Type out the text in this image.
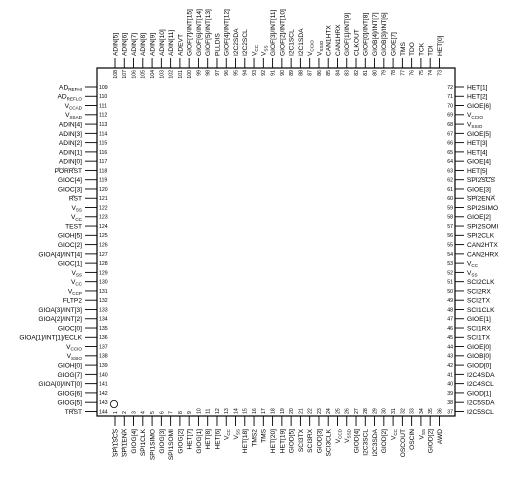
$AD_{REFHI}$	109
$AD_{REFLO}$	110
$V_{CCAD}$	111
$V_{SSAD}$	112
ADIN[4]	113
ADIN[3]	114
ADIN[2]	115
ADIN[1]	116
ADIN[0]	117
PORRST	118
GIOC[4]	119
GIOC[3]	120
RST	121
$V_{SS}$	122
$V_{CC}$	123
TEST	124
GIOH[5]	125
GIOC[2]	126
GIOA[4]/INT[4]	127
GIOC[1]	128
$V_{SS}$	129
$V_{CC}$	130
$V_{CCP}$	131
FLTP2	132
GIOA[3]/INT[3]	133
GIOA[2]/INT[2]	134
GIOC[0]	135
GIOA[1]/INT[1]/ECLK	136
$V_{CCIO}$	137
$V_{SSIO}$	138
GIOH[0]	139
GIOG[7]	140
GIOA[0]/INT[0]	141
GIOG[6]	142
GIOG[5]	143
TRST	144
HET[1]
72
HET[2]
71
GIOE[6]
70
$V_{CCIO}$
69
$V_{SSIO}$
68
GIOE[5]
67
HET[3]
66
HET[4]
65
GIOE[4]
64
HET[5]
63
SPI2SCS
62
GIOE[3]
61
SPI2ENA
60
SPI2SIMO
59
GIOE[2]
58
SPI2SOMI
57
SPI2CLK
56
CAN2HTX
55
CAN2HRX
54
$V_{CC}$
53
$V_{SS}$
52
SCI2CLK
51
SCI2RX
50
SCI2TX
49
SCI1CLK
48
GIOE[1]
47
SCI1RX
46
SCI1TX
45
GIOE[0]
44
GIOB[0]
43
GIOD[0]
42
I2C4SDA
41
I2C4SCL
40
GIOD[1]
39
I2C5SDA
38
I2C5SCL
37
ADIN[5]
108
ADIN[6]
107
ADIN[7]
106
ADIN[8]
105
ADIN[9]
104
ADIN[10]
103
ADIN[11]
102
ADEVT
101
GIOF[7]/INT[15]
100
GIOF[6]/INT[14]
99
GIOF[5]/INT[13]
98
PLLDIS
97
GIOF[4]/INT[12]
96
I2C2SDA
95
I2C2SCL
94
$V_{CC}$
93
$V_{SS}$
92
GIOF[3]/INT[11]
91
GIOF[2]/INT[10]
90
I2C1SCL
89
I2C1SDA
88
$V_{CCIO}$
87
$V_{SSIO}$
86
CAN1HTX
85
CAN1HRX
84
GIOF[1]/INT[9]
83
CLKOUT
82
GIOF[0]/INT[8]
81
GIOB[4]/INT[7]
80
GIOB[3]/INT[6]
79
GIOE[7]
78
TMS
77
TDO
76
TCK
75
TDI
74
HET[0]
73
SPI1SCS
1
SPI1ENA
2
GIOG[4]
3
SPI1CLK
4
SPI1SIMO
5
GIOG[3]
6
SPI1SOMI
7
GIOG[2]
8
HET[7]
9
GIOG[1]
10
HET[8]
11
HET[6]
12
$V_{CC}$
13
$V_{SS}$
14
HET[18]
15
TMS2
16
TMS
17
HET[20]
18
HET[19]
19
GIOD[5]
20
SCI3TX
21
SCI3RX
22
GIOD[3]
23
SCI3CLK
24
$V_{CCD}$
25
$V_{SSD}$
26
GIOD[4]
27
I2C3SCL
28
I2C3SDA
29
GIOD[2]
30
$V_{CC}$
31
OSCOUT
32
OSCIN
33
$V_{SS}$
34
GIOD[2]
35
AWD
36
